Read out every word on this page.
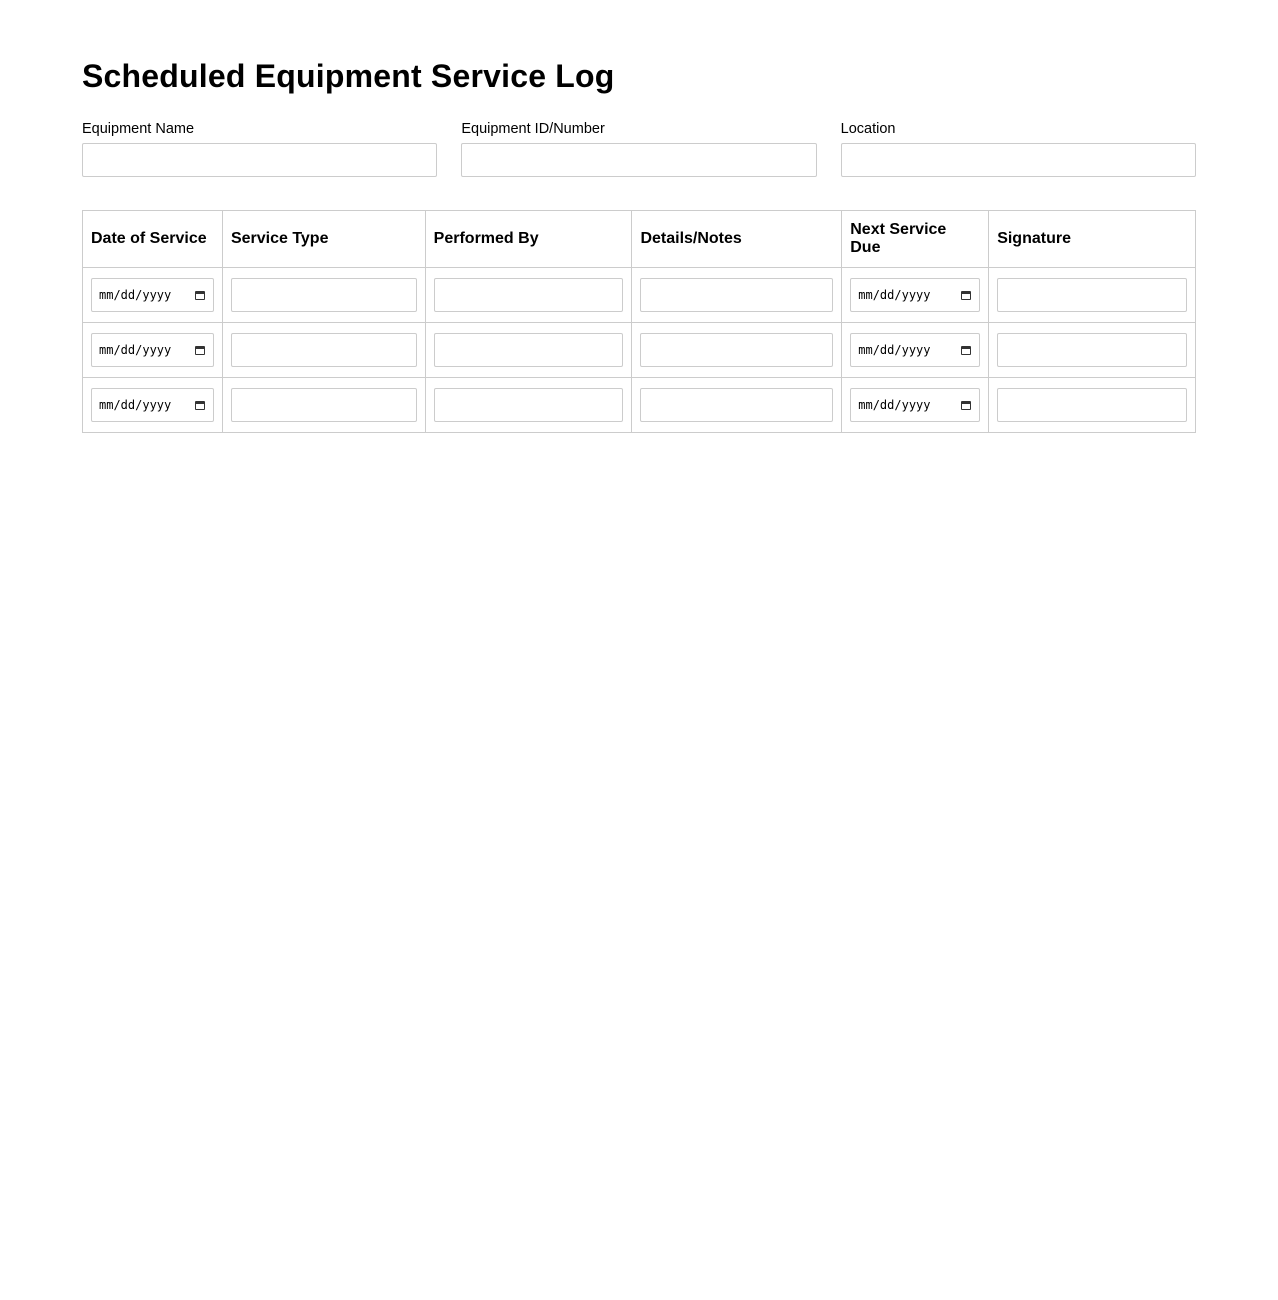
Scheduled Equipment Service Log
Equipment Name	Equipment ID/Number	Location
Date of Service	Service Type	Performed By	Details/Notes	Next Service Due	Signature

mm/dd/yyyy				mm/dd/yyyy	

mm/dd/yyyy				mm/dd/yyyy	

mm/dd/yyyy				mm/dd/yyyy	
